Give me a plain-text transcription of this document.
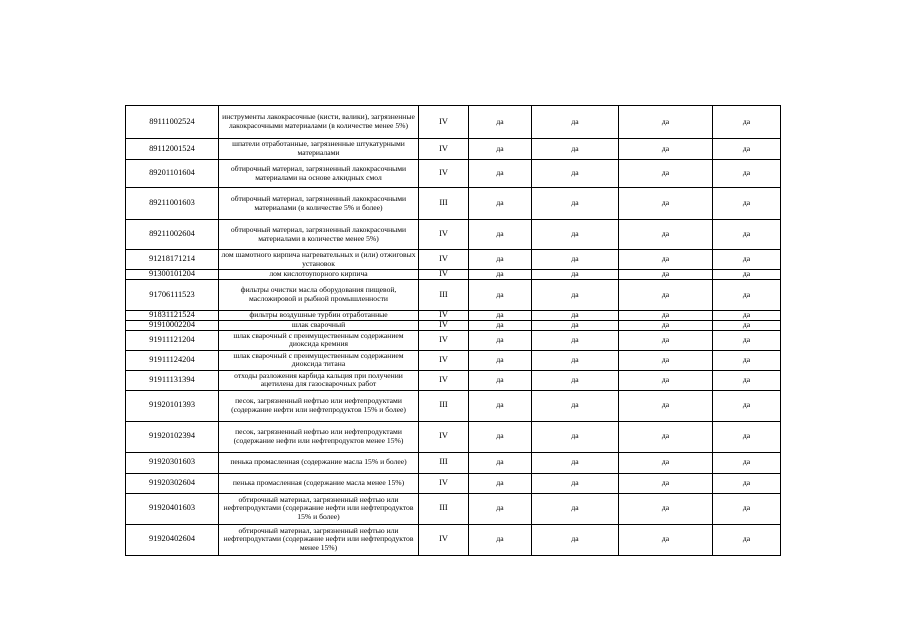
89111002524	инструменты лакокрасочные (кисти, валики), загрязненные лакокрасочными материалами (в количестве менее 5%)	IV	да	да	да	да
89112001524	шпатели отработанные, загрязненные штукатурными материалами	IV	да	да	да	да
89201101604	обтирочный материал, загрязненный лакокрасочными материалами на основе алкидных смол	IV	да	да	да	да
89211001603	обтирочный материал, загрязненный лакокрасочными материалами (в количестве 5% и более)	III	да	да	да	да
89211002604	обтирочный материал, загрязненный лакокрасочными материалами в количестве менее 5%)	IV	да	да	да	да
91218171214	лом шамотного кирпича нагревательных и (или) отжиговых установок	IV	да	да	да	да
91300101204	лом кислотоупорного кирпича	IV	да	да	да	да
91706111523	фильтры очистки масла оборудования пищевой, масложировой и рыбной промышленности	III	да	да	да	да
91831121524	фильтры воздушные турбин отработанные	IV	да	да	да	да
91910002204	шлак сварочный	IV	да	да	да	да
91911121204	шлак сварочный с преимущественным содержанием диоксида кремния	IV	да	да	да	да
91911124204	шлак сварочный с преимущественным содержанием диоксида титана	IV	да	да	да	да
91911131394	отходы разложения карбида кальция при получении ацетилена для газосварочных работ	IV	да	да	да	да
91920101393	песок, загрязненный нефтью или нефтепродуктами (содержание нефти или нефтепродуктов 15% и более)	III	да	да	да	да
91920102394	песок, загрязненный нефтью или нефтепродуктами (содержание нефти или нефтепродуктов менее 15%)	IV	да	да	да	да
91920301603	пенька промасленная (содержание масла 15% и более)	III	да	да	да	да
91920302604	пенька промасленная (содержание масла менее 15%)	IV	да	да	да	да
91920401603	обтирочный материал, загрязненный нефтью или нефтепродуктами (содержание нефти или нефтепродуктов 15% и более)	III	да	да	да	да
91920402604	обтирочный материал, загрязненный нефтью или нефтепродуктами (содержание нефти или нефтепродуктов менее 15%)	IV	да	да	да	да
